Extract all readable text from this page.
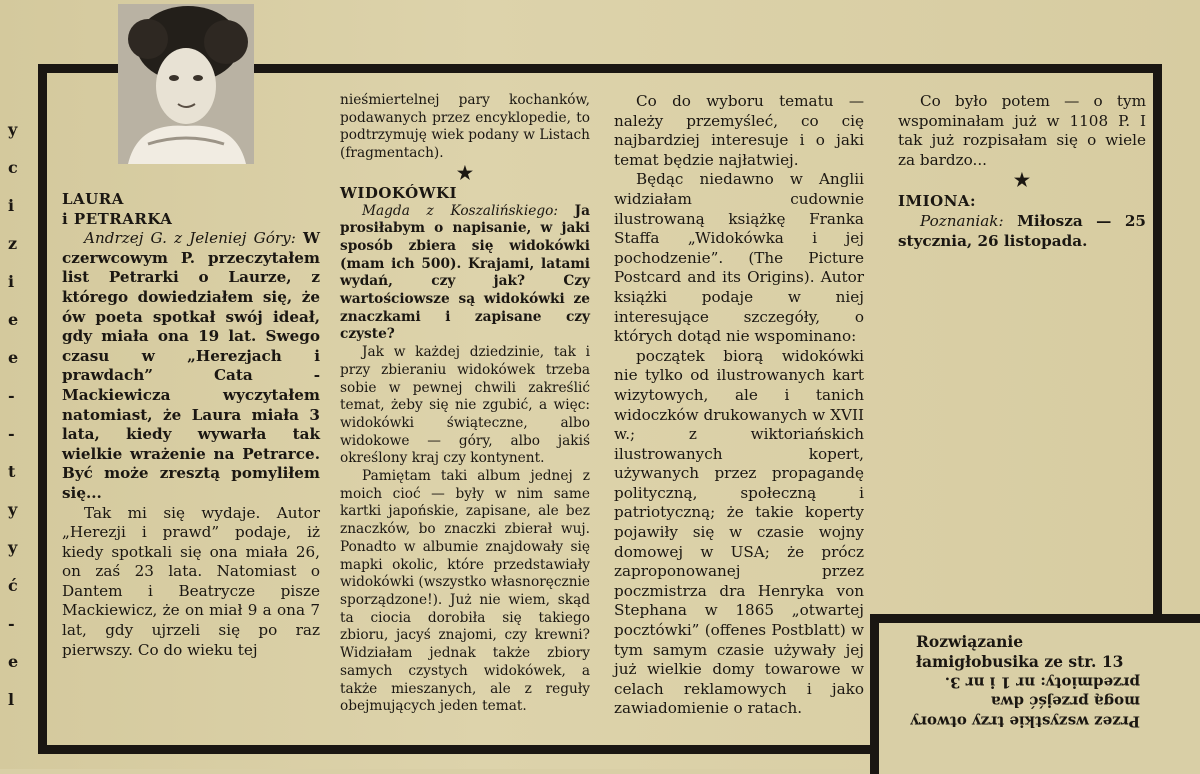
y
c
i
z
i
e
e
-
-
t
y
y
ć
-
e
l

LAURA
i PETRARKA

Andrzej G. z Jeleniej Góry: W czerwcowym P. przeczytałem list Petrarki o Laurze, z którego dowiedziałem się, że ów poeta spotkał swój ideał, gdy miała ona 19 lat. Swego czasu w „Herezjach i prawdach” Cata - Mackiewicza wyczytałem natomiast, że Laura miała 3 lata, kiedy wywarła tak wielkie wrażenie na Petrarce. Być może zresztą pomyliłem się...

Tak mi się wydaje. Autor „Herezji i prawd” podaje, iż kiedy spotkali się ona miała 26, on zaś 23 lata. Natomiast o Dantem i Beatrycze pisze Mackiewicz, że on miał 9 a ona 7 lat, gdy ujrzeli się po raz pierwszy. Co do wieku tej

nieśmiertelnej pary kochanków, podawanych przez encyklopedie, to podtrzymuję wiek podany w Listach (fragmentach).

★

WIDOKÓWKI

Magda z Koszalińskiego: Ja prosiłabym o napisanie, w jaki sposób zbiera się widokówki (mam ich 500). Krajami, latami wydań, czy jak? Czy wartościowsze są widokówki ze znaczkami i zapisane czy czyste?

Jak w każdej dziedzinie, tak i przy zbieraniu widokówek trzeba sobie w pewnej chwili zakreślić temat, żeby się nie zgubić, a więc: widokówki świąteczne, albo widokowe — góry, albo jakiś określony kraj czy kontynent.

Pamiętam taki album jednej z moich cioć — były w nim same kartki japońskie, zapisane, ale bez znaczków, bo znaczki zbierał wuj. Ponadto w albumie znajdowały się mapki okolic, które przedstawiały widokówki (wszystko własnoręcznie sporządzone!). Już nie wiem, skąd ta ciocia dorobiła się takiego zbioru, jacyś znajomi, czy krewni? Widziałam jednak także zbiory samych czystych widokówek, a także mieszanych, ale z reguły obejmujących jeden temat.

Co do wyboru tematu — należy przemyśleć, co cię najbardziej interesuje i o jaki temat będzie najłatwiej.

Będąc niedawno w Anglii widziałam cudownie ilustrowaną książkę Franka Staffa „Widokówka i jej pochodzenie”. (The Picture Postcard and its Origins). Autor książki podaje w niej interesujące szczegóły, o których dotąd nie wspominano:

początek biorą widokówki nie tylko od ilustrowanych kart wizytowych, ale i tanich widoczków drukowanych w XVII w.; z wiktoriańskich ilustrowanych kopert, używanych przez propagandę polityczną, społeczną i patriotyczną; że takie koperty pojawiły się w czasie wojny domowej w USA; że prócz zaproponowanej przez poczmistrza dra Henryka von Stephana w 1865 „otwartej pocztówki” (offenes Postblatt) w tym samym czasie używały jej już wielkie domy towarowe w celach reklamowych i jako zawiadomienie o ratach.

Co było potem — o tym wspominałam już w 1108 P. I tak już rozpisałam się o wiele za bardzo...

★

IMIONA:

Poznaniak: Miłosza — 25 stycznia, 26 listopada.

Rozwiązanie łamigłobusika ze str. 13
Przez wszystkie trzy otwory mogą przejść dwa przedmioty: nr 1 i nr 3.
